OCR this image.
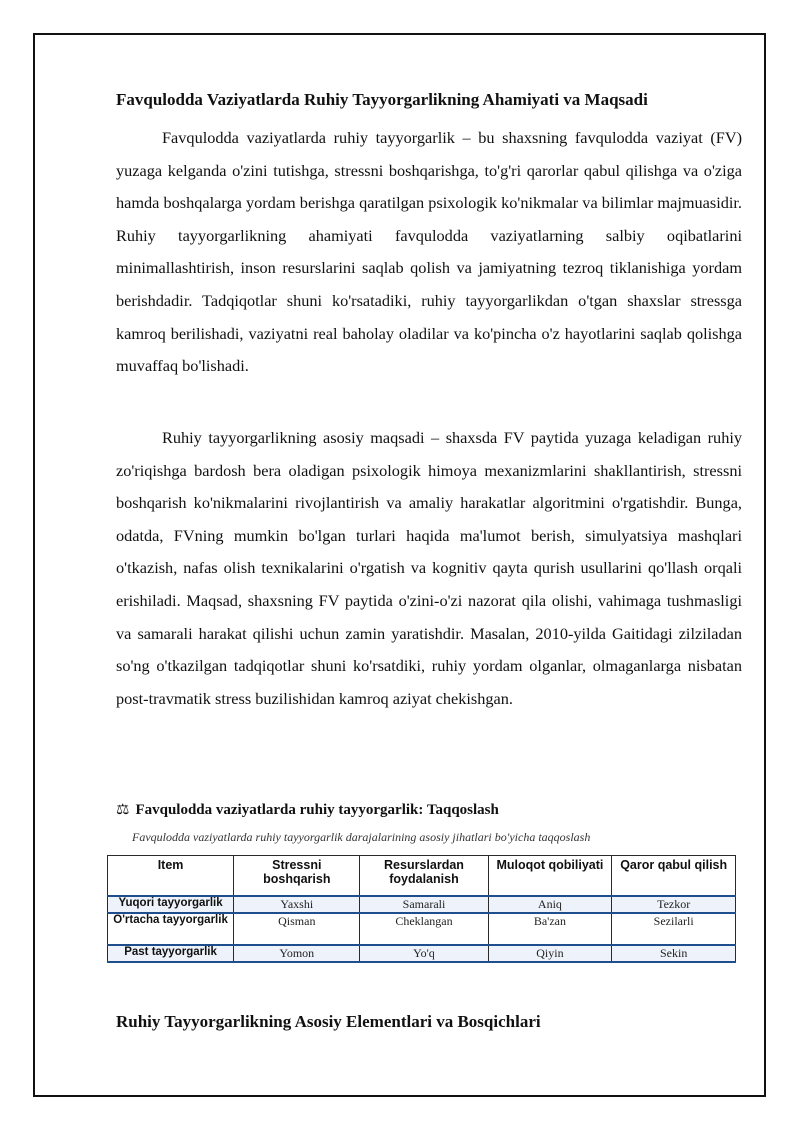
Favqulodda Vaziyatlarda Ruhiy Tayyorgarlikning Ahamiyati va Maqsadi

Favqulodda vaziyatlarda ruhiy tayyorgarlik – bu shaxsning favqulodda vaziyat (FV) yuzaga kelganda o'zini tutishga, stressni boshqarishga, to'g'ri qarorlar qabul qilishga va o'ziga hamda boshqalarga yordam berishga qaratilgan psixologik ko'nikmalar va bilimlar majmuasidir. Ruhiy tayyorgarlikning ahamiyati favqulodda vaziyatlarning salbiy oqibatlarini minimallashtirish, inson resurslarini saqlab qolish va jamiyatning tezroq tiklanishiga yordam berishdadir. Tadqiqotlar shuni ko'rsatadiki, ruhiy tayyorgarlikdan o'tgan shaxslar stressga kamroq berilishadi, vaziyatni real baholay oladilar va ko'pincha o'z hayotlarini saqlab qolishga muvaffaq bo'lishadi.

Ruhiy tayyorgarlikning asosiy maqsadi – shaxsda FV paytida yuzaga keladigan ruhiy zo'riqishga bardosh bera oladigan psixologik himoya mexanizmlarini shakllantirish, stressni boshqarish ko'nikmalarini rivojlantirish va amaliy harakatlar algoritmini o'rgatishdir. Bunga, odatda, FVning mumkin bo'lgan turlari haqida ma'lumot berish, simulyatsiya mashqlari o'tkazish, nafas olish texnikalarini o'rgatish va kognitiv qayta qurish usullarini qo'llash orqali erishiladi. Maqsad, shaxsning FV paytida o'zini-o'zi nazorat qila olishi, vahimaga tushmasligi va samarali harakat qilishi uchun zamin yaratishdir. Masalan, 2010-yilda Gaitidagi zilziladan so'ng o'tkazilgan tadqiqotlar shuni ko'rsatdiki, ruhiy yordam olganlar, olmaganlarga nisbatan post-travmatik stress buzilishidan kamroq aziyat chekishgan.

⚖ Favqulodda vaziyatlarda ruhiy tayyorgarlik: Taqqoslash

Favqulodda vaziyatlarda ruhiy tayyorgarlik darajalarining asosiy jihatlari bo'yicha taqqoslash

Item	Stressni boshqarish	Resurslardan foydalanish	Muloqot qobiliyati	Qaror qabul qilish
Yuqori tayyorgarlik	Yaxshi	Samarali	Aniq	Tezkor
O'rtacha tayyorgarlik	Qisman	Cheklangan	Ba'zan	Sezilarli
Past tayyorgarlik	Yomon	Yo'q	Qiyin	Sekin
Ruhiy Tayyorgarlikning Asosiy Elementlari va Bosqichlari
